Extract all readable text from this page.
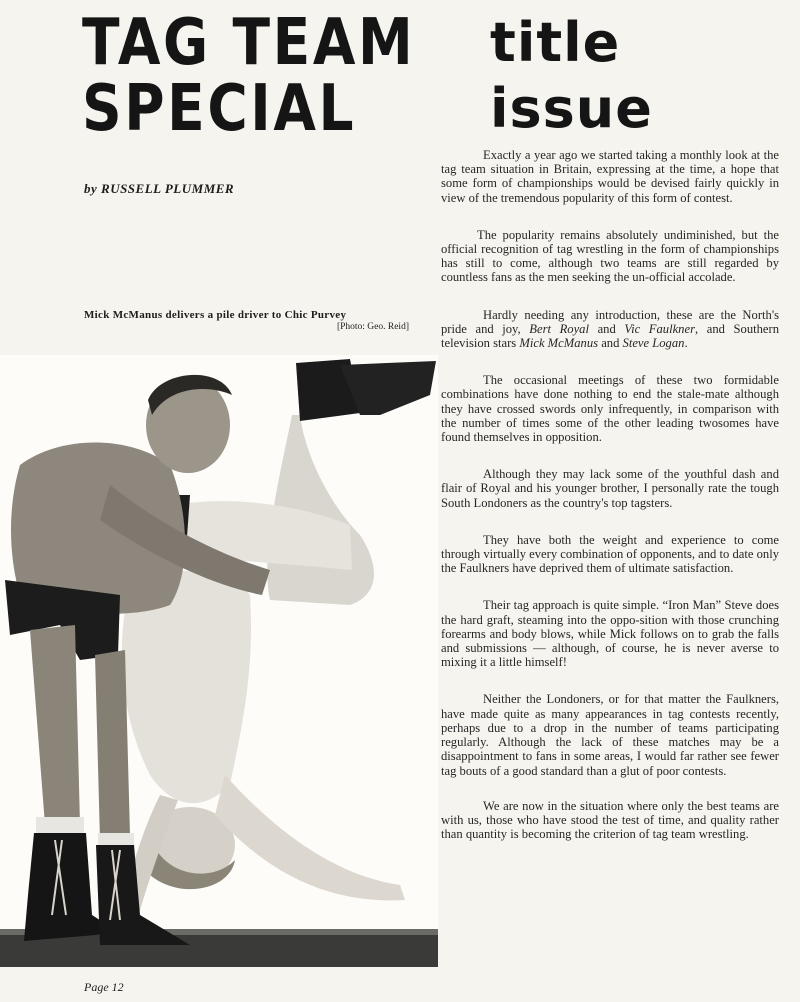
TAG TEAM
SPECIAL
title issue

by RUSSELL PLUMMER

Mick McManus delivers a pile driver to Chic Purvey
[Photo: Geo. Reid]

Exactly a year ago we started taking a monthly look at the tag team situation in Britain, expressing at the time, a hope that some form of championships would be devised fairly quickly in view of the tremendous popularity of this form of contest.

The popularity remains absolutely undiminished, but the official recognition of tag wrestling in the form of championships has still to come, although two teams are still regarded by countless fans as the men seeking the un-official accolade.

Hardly needing any introduction, these are the North's pride and joy, Bert Royal and Vic Faulkner, and Southern television stars Mick McManus and Steve Logan.

The occasional meetings of these two formidable combinations have done nothing to end the stale-mate although they have crossed swords only infrequently, in comparison with the number of times some of the other leading twosomes have found themselves in opposition.

Although they may lack some of the youthful dash and flair of Royal and his younger brother, I personally rate the tough South Londoners as the country's top tagsters.

They have both the weight and experience to come through virtually every combination of opponents, and to date only the Faulkners have deprived them of ultimate satisfaction.

Their tag approach is quite simple. “Iron Man” Steve does the hard graft, steaming into the oppo-sition with those crunching forearms and body blows, while Mick follows on to grab the falls and submissions — although, of course, he is never averse to mixing it a little himself!

Neither the Londoners, or for that matter the Faulkners, have made quite as many appearances in tag contests recently, perhaps due to a drop in the number of teams participating regularly. Although the lack of these matches may be a disappointment to fans in some areas, I would far rather see fewer tag bouts of a good standard than a glut of poor contests.

We are now in the situation where only the best teams are with us, those who have stood the test of time, and quality rather than quantity is becoming the criterion of tag team wrestling.

Page 12
